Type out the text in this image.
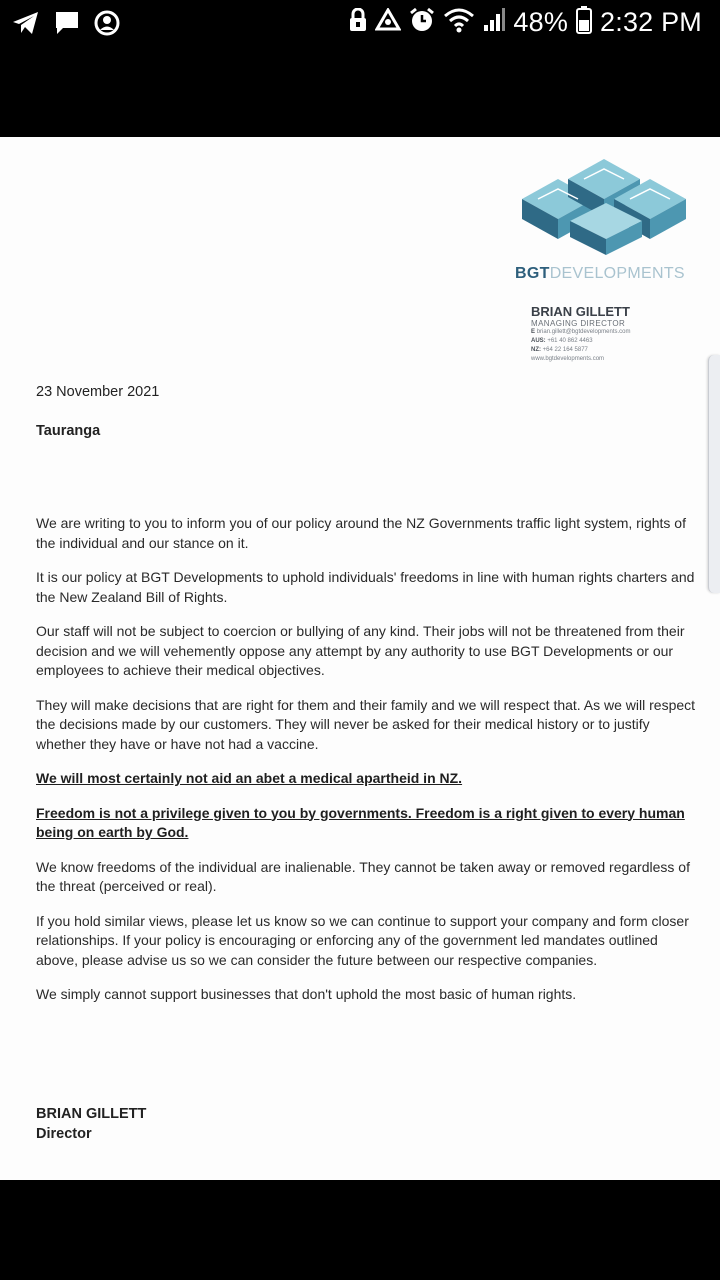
48% 2:32 PM
BGTDEVELOPMENTS
BRIAN GILLETT
MANAGING DIRECTOR
E brian.gillett@bgtdevelopments.com
AUS: +61 40 862 4463
NZ: +64 22 164 5877
www.bgtdevelopments.com
23 November 2021
Tauranga

We are writing to you to inform you of our policy around the NZ Governments traffic light system, rights of the individual and our stance on it.

It is our policy at BGT Developments to uphold individuals' freedoms in line with human rights charters and the New Zealand Bill of Rights.

Our staff will not be subject to coercion or bullying of any kind. Their jobs will not be threatened from their decision and we will vehemently oppose any attempt by any authority to use BGT Developments or our employees to achieve their medical objectives.

They will make decisions that are right for them and their family and we will respect that. As we will respect the decisions made by our customers. They will never be asked for their medical history or to justify whether they have or have not had a vaccine.

We will most certainly not aid an abet a medical apartheid in NZ.

Freedom is not a privilege given to you by governments. Freedom is a right given to every human being on earth by God.

We know freedoms of the individual are inalienable. They cannot be taken away or removed regardless of the threat (perceived or real).

If you hold similar views, please let us know so we can continue to support your company and form closer relationships. If your policy is encouraging or enforcing any of the government led mandates outlined above, please advise us so we can consider the future between our respective companies.

We simply cannot support businesses that don't uphold the most basic of human rights.

BRIAN GILLETT
Director
